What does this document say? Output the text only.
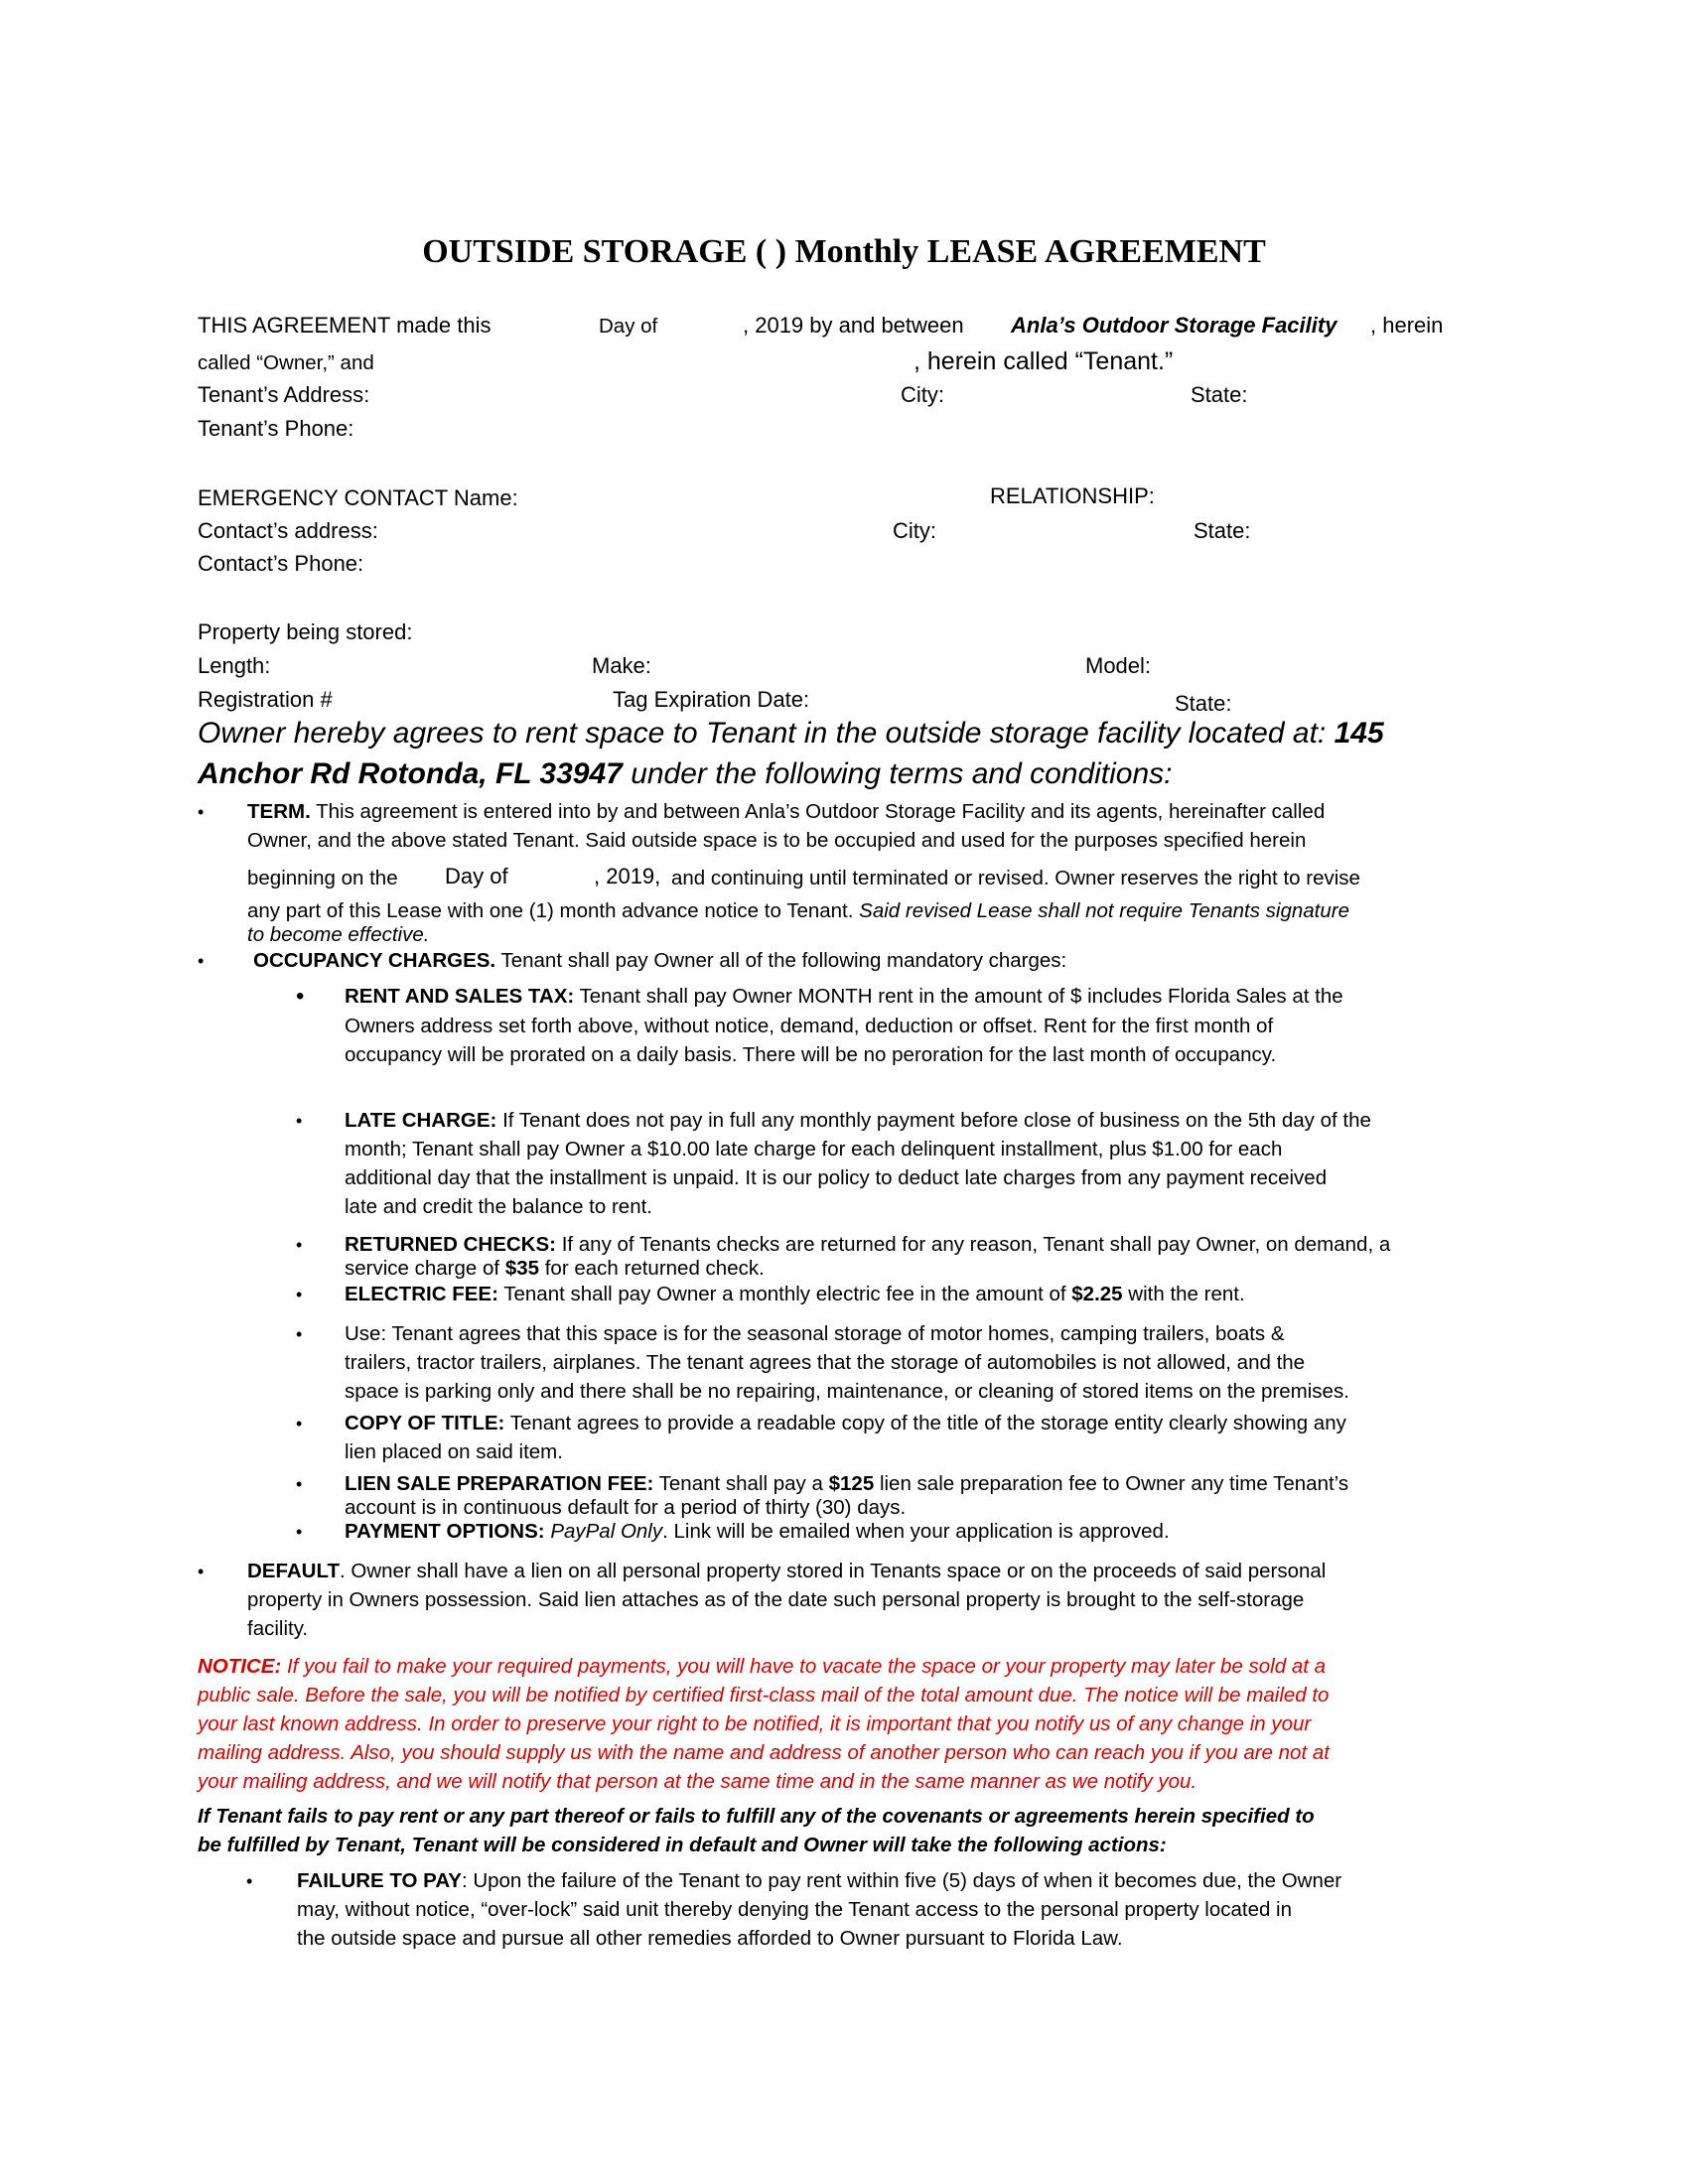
OUTSIDE STORAGE ( ) Monthly LEASE AGREEMENT
THIS AGREEMENT made this	Day of	, 2019 by and between Anla’s Outdoor Storage Facility , herein
called “Owner,” and	, herein called “Tenant.”
Tenant’s Address:	City:	State:
Tenant’s Phone:
EMERGENCY CONTACT Name:	RELATIONSHIP:
Contact’s address:	City:	State:
Contact’s Phone:
Property being stored:
Length:	Make:	Model:
Registration #	Tag Expiration Date:	State:
Owner hereby agrees to rent space to Tenant in the outside storage facility located at: 145
Anchor Rd Rotonda, FL 33947 under the following terms and conditions:
• TERM. This agreement is entered into by and between Anla’s Outdoor Storage Facility and its agents, hereinafter called
Owner, and the above stated Tenant. Said outside space is to be occupied and used for the purposes specified herein
beginning on the Day of	, 2019, and continuing until terminated or revised. Owner reserves the right to revise
any part of this Lease with one (1) month advance notice to Tenant. Said revised Lease shall not require Tenants signature
to become effective.
• OCCUPANCY CHARGES. Tenant shall pay Owner all of the following mandatory charges:
• RENT AND SALES TAX: Tenant shall pay Owner MONTH rent in the amount of $ includes Florida Sales at the
Owners address set forth above, without notice, demand, deduction or offset. Rent for the first month of
occupancy will be prorated on a daily basis. There will be no peroration for the last month of occupancy.
• LATE CHARGE: If Tenant does not pay in full any monthly payment before close of business on the 5th day of the
month; Tenant shall pay Owner a $10.00 late charge for each delinquent installment, plus $1.00 for each
additional day that the installment is unpaid. It is our policy to deduct late charges from any payment received
late and credit the balance to rent.
• RETURNED CHECKS: If any of Tenants checks are returned for any reason, Tenant shall pay Owner, on demand, a
service charge of $35 for each returned check.
• ELECTRIC FEE: Tenant shall pay Owner a monthly electric fee in the amount of $2.25 with the rent.
• Use: Tenant agrees that this space is for the seasonal storage of motor homes, camping trailers, boats &
trailers, tractor trailers, airplanes. The tenant agrees that the storage of automobiles is not allowed, and the
space is parking only and there shall be no repairing, maintenance, or cleaning of stored items on the premises.
• COPY OF TITLE: Tenant agrees to provide a readable copy of the title of the storage entity clearly showing any
lien placed on said item.
• LIEN SALE PREPARATION FEE: Tenant shall pay a $125 lien sale preparation fee to Owner any time Tenant’s
account is in continuous default for a period of thirty (30) days.
• PAYMENT OPTIONS: PayPal Only. Link will be emailed when your application is approved.
• DEFAULT. Owner shall have a lien on all personal property stored in Tenants space or on the proceeds of said personal
property in Owners possession. Said lien attaches as of the date such personal property is brought to the self-storage
facility.
NOTICE: If you fail to make your required payments, you will have to vacate the space or your property may later be sold at a
public sale. Before the sale, you will be notified by certified first-class mail of the total amount due. The notice will be mailed to
your last known address. In order to preserve your right to be notified, it is important that you notify us of any change in your
mailing address. Also, you should supply us with the name and address of another person who can reach you if you are not at
your mailing address, and we will notify that person at the same time and in the same manner as we notify you.
If Tenant fails to pay rent or any part thereof or fails to fulfill any of the covenants or agreements herein specified to
be fulfilled by Tenant, Tenant will be considered in default and Owner will take the following actions:
• FAILURE TO PAY: Upon the failure of the Tenant to pay rent within five (5) days of when it becomes due, the Owner
may, without notice, “over-lock” said unit thereby denying the Tenant access to the personal property located in
the outside space and pursue all other remedies afforded to Owner pursuant to Florida Law.
